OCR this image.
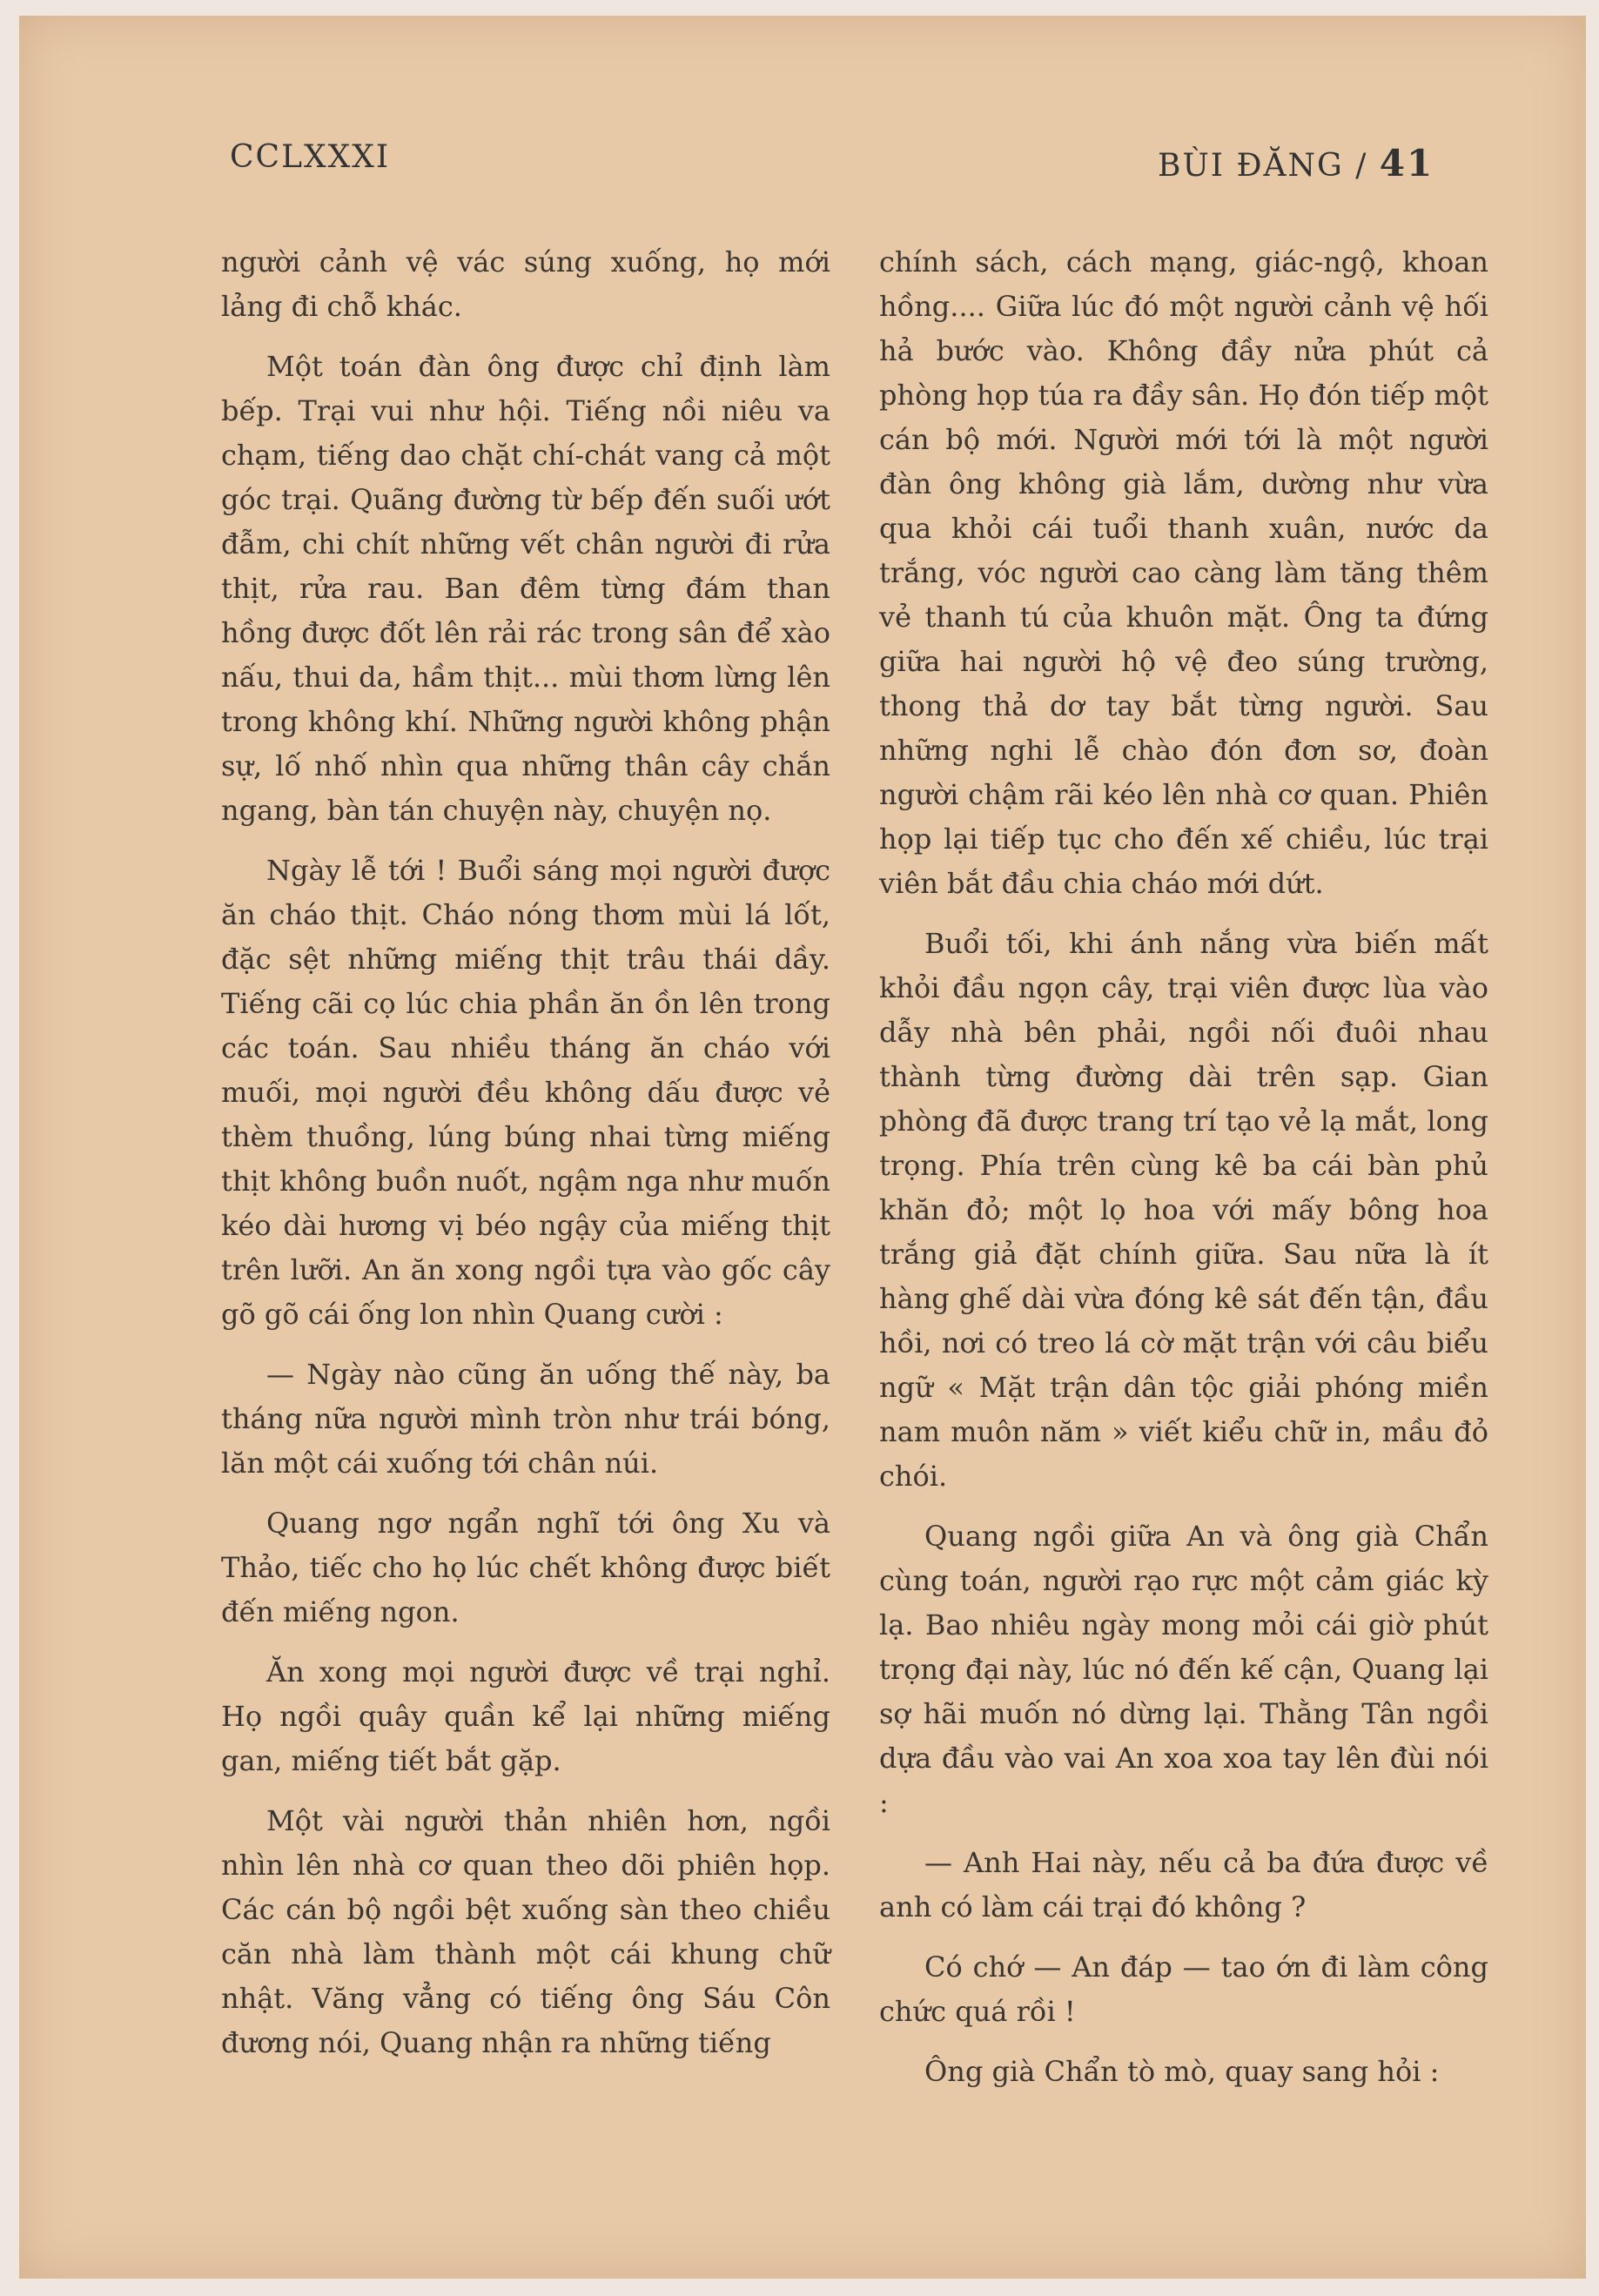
CCLXXXI	BÙI ĐĂNG / 41

người cảnh vệ vác súng xuống, họ mới lảng đi chỗ khác.

Một toán đàn ông được chỉ định làm bếp. Trại vui như hội. Tiếng nồi niêu va chạm, tiếng dao chặt chí-chát vang cả một góc trại. Quãng đường từ bếp đến suối ướt đẫm, chi chít những vết chân người đi rửa thịt, rửa rau. Ban đêm từng đám than hồng được đốt lên rải rác trong sân để xào nấu, thui da, hầm thịt... mùi thơm lừng lên trong không khí. Những người không phận sự, lố nhố nhìn qua những thân cây chắn ngang, bàn tán chuyện này, chuyện nọ.

Ngày lễ tới ! Buổi sáng mọi người được ăn cháo thịt. Cháo nóng thơm mùi lá lốt, đặc sệt những miếng thịt trâu thái dầy. Tiếng cãi cọ lúc chia phần ăn ồn lên trong các toán. Sau nhiều tháng ăn cháo với muối, mọi người đều không dấu được vẻ thèm thuồng, lúng búng nhai từng miếng thịt không buồn nuốt, ngậm nga như muốn kéo dài hương vị béo ngậy của miếng thịt trên lưỡi. An ăn xong ngồi tựa vào gốc cây gõ gõ cái ống lon nhìn Quang cười :

— Ngày nào cũng ăn uống thế này, ba tháng nữa người mình tròn như trái bóng, lăn một cái xuống tới chân núi.

Quang ngơ ngẩn nghĩ tới ông Xu và Thảo, tiếc cho họ lúc chết không được biết đến miếng ngon.

Ăn xong mọi người được về trại nghỉ. Họ ngồi quây quần kể lại những miếng gan, miếng tiết bắt gặp.

Một vài người thản nhiên hơn, ngồi nhìn lên nhà cơ quan theo dõi phiên họp. Các cán bộ ngồi bệt xuống sàn theo chiều căn nhà làm thành một cái khung chữ nhật. Văng vẳng có tiếng ông Sáu Côn đương nói, Quang nhận ra những tiếng

chính sách, cách mạng, giác-ngộ, khoan hồng.... Giữa lúc đó một người cảnh vệ hối hả bước vào. Không đầy nửa phút cả phòng họp túa ra đầy sân. Họ đón tiếp một cán bộ mới. Người mới tới là một người đàn ông không già lắm, dường như vừa qua khỏi cái tuổi thanh xuân, nước da trắng, vóc người cao càng làm tăng thêm vẻ thanh tú của khuôn mặt. Ông ta đứng giữa hai người hộ vệ đeo súng trường, thong thả dơ tay bắt từng người. Sau những nghi lễ chào đón đơn sơ, đoàn người chậm rãi kéo lên nhà cơ quan. Phiên họp lại tiếp tục cho đến xế chiều, lúc trại viên bắt đầu chia cháo mới dứt.

Buổi tối, khi ánh nắng vừa biến mất khỏi đầu ngọn cây, trại viên được lùa vào dẫy nhà bên phải, ngồi nối đuôi nhau thành từng đường dài trên sạp. Gian phòng đã được trang trí tạo vẻ lạ mắt, long trọng. Phía trên cùng kê ba cái bàn phủ khăn đỏ; một lọ hoa với mấy bông hoa trắng giả đặt chính giữa. Sau nữa là ít hàng ghế dài vừa đóng kê sát đến tận, đầu hồi, nơi có treo lá cờ mặt trận với câu biểu ngữ « Mặt trận dân tộc giải phóng miền nam muôn năm » viết kiểu chữ in, mầu đỏ chói.

Quang ngồi giữa An và ông già Chẩn cùng toán, người rạo rực một cảm giác kỳ lạ. Bao nhiêu ngày mong mỏi cái giờ phút trọng đại này, lúc nó đến kế cận, Quang lại sợ hãi muốn nó dừng lại. Thằng Tân ngồi dựa đầu vào vai An xoa xoa tay lên đùi nói :

— Anh Hai này, nếu cả ba đứa được về anh có làm cái trại đó không ?

Có chớ — An đáp — tao ớn đi làm công chức quá rồi !

Ông già Chẩn tò mò, quay sang hỏi :
